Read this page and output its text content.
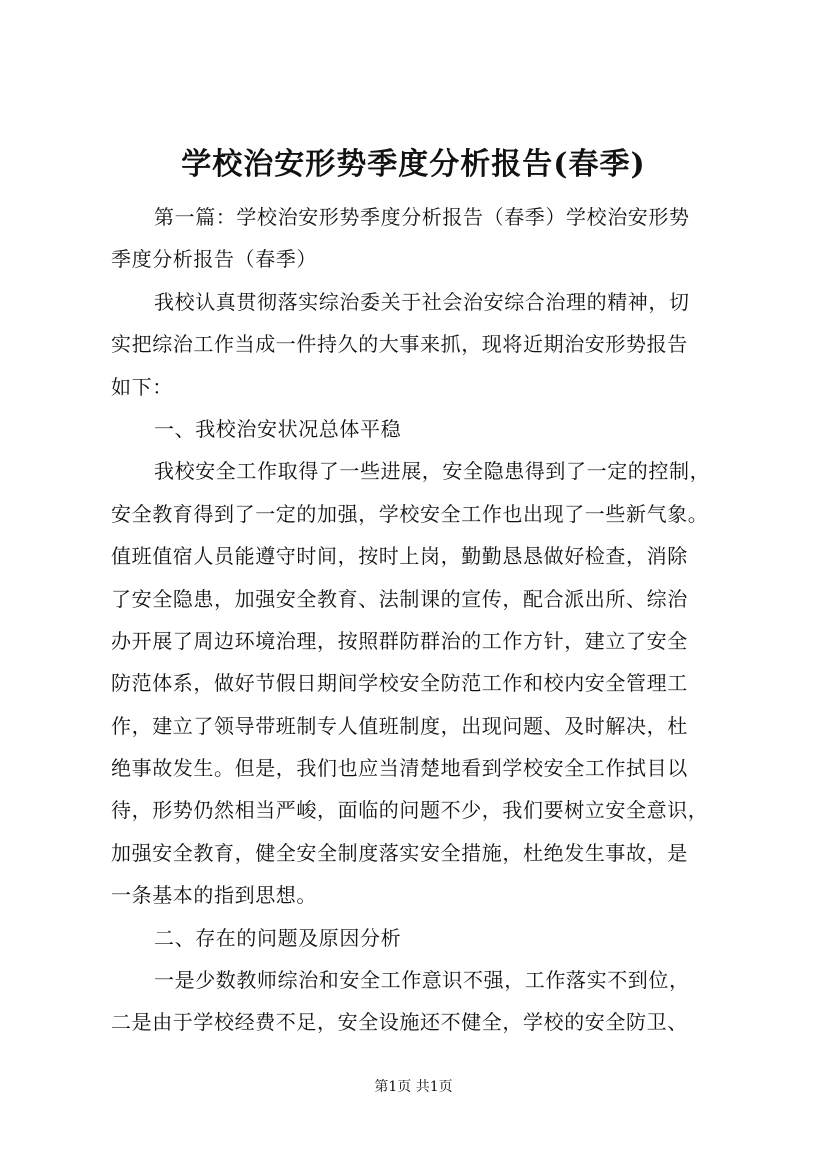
学校治安形势季度分析报告(春季)
第一篇：学校治安形势季度分析报告（春季）学校治安形势
季度分析报告（春季）
我校认真贯彻落实综治委关于社会治安综合治理的精神，切
实把综治工作当成一件持久的大事来抓，现将近期治安形势报告
如下：
一、我校治安状况总体平稳
我校安全工作取得了一些进展，安全隐患得到了一定的控制，
安全教育得到了一定的加强，学校安全工作也出现了一些新气象。
值班值宿人员能遵守时间，按时上岗，勤勤恳恳做好检查，消除
了安全隐患，加强安全教育、法制课的宣传，配合派出所、综治
办开展了周边环境治理，按照群防群治的工作方针，建立了安全
防范体系，做好节假日期间学校安全防范工作和校内安全管理工
作，建立了领导带班制专人值班制度，出现问题、及时解决，杜
绝事故发生。但是，我们也应当清楚地看到学校安全工作拭目以
待，形势仍然相当严峻，面临的问题不少，我们要树立安全意识，
加强安全教育，健全安全制度落实安全措施，杜绝发生事故，是
一条基本的指到思想。
二、存在的问题及原因分析
一是少数教师综治和安全工作意识不强，工作落实不到位，
二是由于学校经费不足，安全设施还不健全，学校的安全防卫、
第1页 共1页
